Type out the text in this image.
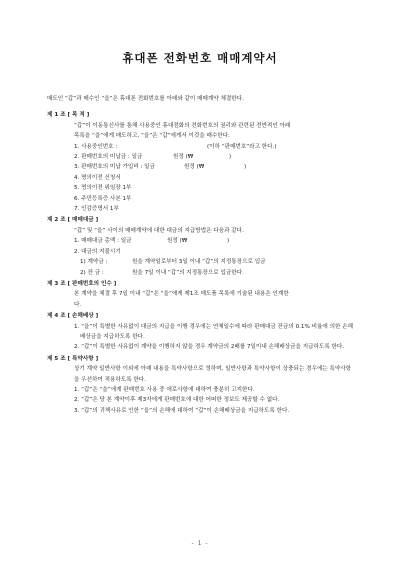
휴대폰 전화번호 매매계약서
매도인 “갑”과 매수인 “을”은 휴대폰 전화번호를 아래와 같이 매매계약 체결한다.
제 1 조 [ 목 적 ]
“갑”이 이동통신사를 통해 사용중인 휴대전화의 전화번호의 권리와 관련된 전반적인 아래
목록을 “을”에게 매도하고, “을”은 “갑”에게서 이것을 매수한다.
1. 사용중인번호 :	(이하 “판매번호”라고 한다.)
2. 판매번호의 미납금 : 일금	원정 (₩	)
3. 판매번호의 미납 가입비 : 일금	원정 (₩	)
4. 명의이전 신청서
5. 명의이전 위임장 1부
6. 주민등록증 사본 1부
7. 인감증명서 1부
제 2 조 [ 매매대금 ]
“갑” 및 “을” 사이의 매매계약에 대한 대금의 지급방법은 다음과 같다.
1. 매매대금 총액 : 일금	원정 (₩	)
2. 대금의 지불시기
1) 계약금 :	원을 계약일로부터 3일 이내 “갑”의 지정통장으로 입금
2) 잔 금 :	원을 7일 이내 “갑”의 지정통장으로 입금한다.
제 3 조 [ 판매번호의 인수 ]
본 계약을 체결 후 7일 이내 “갑”은 “을”에게 제1조 매도품 목록에 기술된 내용은 인계한
다.
제 4 조 [ 손해배상 ]
1. “을”이 특별한 사유없이 대금의 지급을 이행 경우에는 연체일수에 따라 판매대금 잔금의 0.1% 비율에 의한 손해배상금을 지급하도록 한다.
2. “갑”이 특별한 사유없이 계약을 이행하지 않을 경우 계약금의 2배를 7일이내 손해배상금을 지급하도록 한다.
제 5 조 [ 특약사항 ]
상기 계약 일반사항 이외에 아래 내용을 특약사항으로 정하며, 일반사항과 특약사항이 상충되는 경우에는 특약사항을 우선하여 적용하도록 한다.
1. “갑”은 “을”에게 판매번호 사용 중 애로사항에 대하여 충분히 고지한다.
2. “갑”은 당 본 계약이후 제3자에게 판매번호에 대한 어떠한 정보도 제공할 수 없다.
3. “갑”의 귀책사유로 인한 “을”의 손해에 대하여 “갑”이 손해배상금을 지급하도록 한다.
- 1 -
